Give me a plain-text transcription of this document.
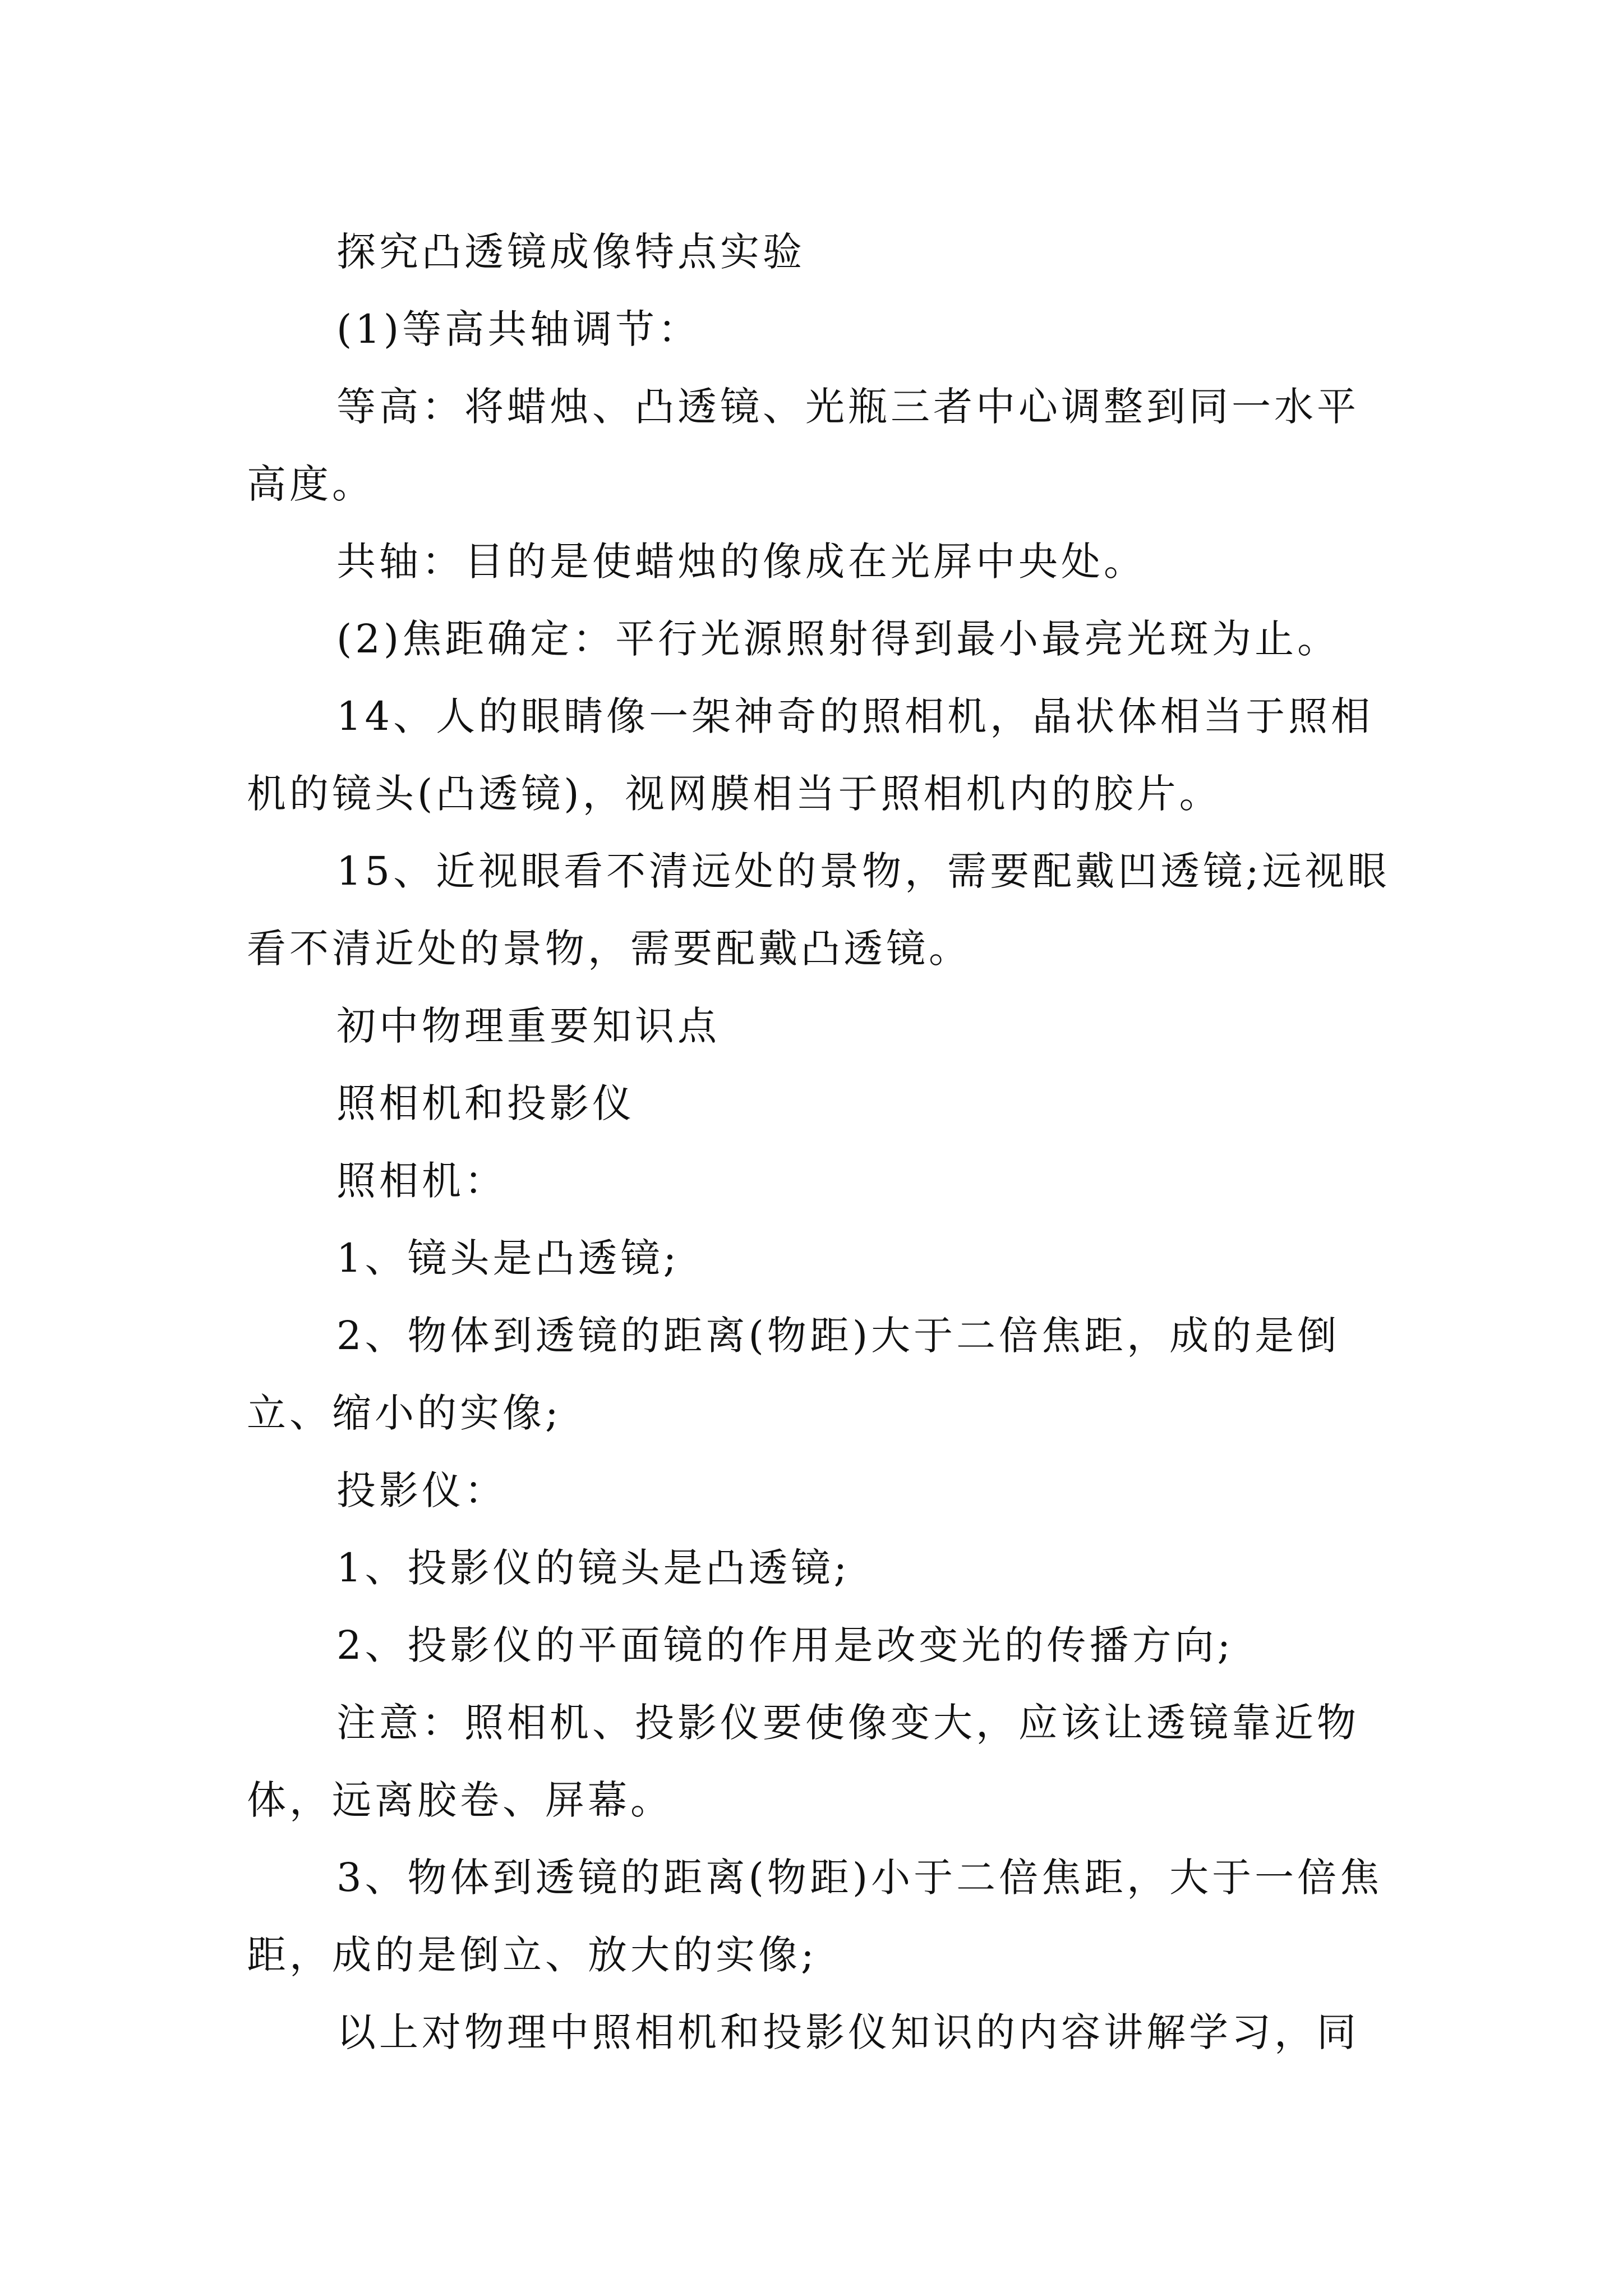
探究凸透镜成像特点实验

(1)等高共轴调节：

等高：将蜡烛、凸透镜、光瓶三者中心调整到同一水平高度。

共轴：目的是使蜡烛的像成在光屏中央处。

(2)焦距确定：平行光源照射得到最小最亮光斑为止。

14、人的眼睛像一架神奇的照相机，晶状体相当于照相机的镜头(凸透镜)，视网膜相当于照相机内的胶片。

15、近视眼看不清远处的景物，需要配戴凹透镜;远视眼看不清近处的景物，需要配戴凸透镜。

初中物理重要知识点

照相机和投影仪

照相机：

1、镜头是凸透镜;

2、物体到透镜的距离(物距)大于二倍焦距，成的是倒立、缩小的实像;

投影仪：

1、投影仪的镜头是凸透镜;

2、投影仪的平面镜的作用是改变光的传播方向;

注意：照相机、投影仪要使像变大，应该让透镜靠近物体，远离胶卷、屏幕。

3、物体到透镜的距离(物距)小于二倍焦距，大于一倍焦距，成的是倒立、放大的实像;

以上对物理中照相机和投影仪知识的内容讲解学习，同
